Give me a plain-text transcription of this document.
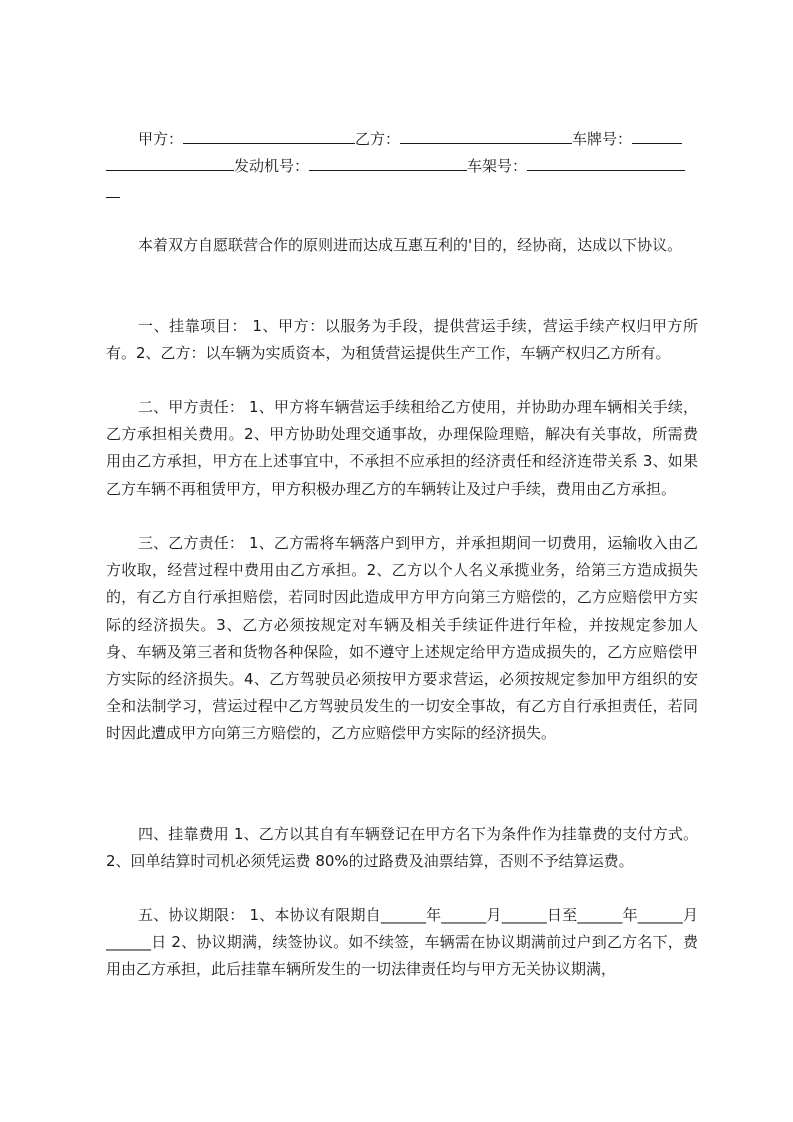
甲方：	乙方：	车牌号：
发动机号：	车架号：

本着双方自愿联营合作的原则进而达成互惠互利的'目的，经协商，达成以下协议。

一、挂靠项目： 1、甲方：以服务为手段，提供营运手续，营运手续产权归甲方所有。2、乙方：以车辆为实质资本，为租赁营运提供生产工作，车辆产权归乙方所有。

二、甲方责任： 1、甲方将车辆营运手续租给乙方使用，并协助办理车辆相关手续，乙方承担相关费用。2、甲方协助处理交通事故，办理保险理赔，解决有关事故，所需费用由乙方承担，甲方在上述事宜中，不承担不应承担的经济责任和经济连带关系 3、如果乙方车辆不再租赁甲方，甲方积极办理乙方的车辆转让及过户手续，费用由乙方承担。

三、乙方责任： 1、乙方需将车辆落户到甲方，并承担期间一切费用，运输收入由乙方收取，经营过程中费用由乙方承担。2、乙方以个人名义承揽业务，给第三方造成损失的，有乙方自行承担赔偿，若同时因此造成甲方甲方向第三方赔偿的，乙方应赔偿甲方实际的经济损失。3、乙方必须按规定对车辆及相关手续证件进行年检，并按规定参加人身、车辆及第三者和货物各种保险，如不遵守上述规定给甲方造成损失的，乙方应赔偿甲方实际的经济损失。4、乙方驾驶员必须按甲方要求营运，必须按规定参加甲方组织的安全和法制学习，营运过程中乙方驾驶员发生的一切安全事故，有乙方自行承担责任，若同时因此遭成甲方向第三方赔偿的，乙方应赔偿甲方实际的经济损失。

四、挂靠费用 1、乙方以其自有车辆登记在甲方名下为条件作为挂靠费的支付方式。2、回单结算时司机必须凭运费 80%的过路费及油票结算，否则不予结算运费。

五、协议期限： 1、本协议有限期自______年______月______日至______年______月______日 2、协议期满，续签协议。如不续签，车辆需在协议期满前过户到乙方名下，费用由乙方承担，此后挂靠车辆所发生的一切法律责任均与甲方无关协议期满，
